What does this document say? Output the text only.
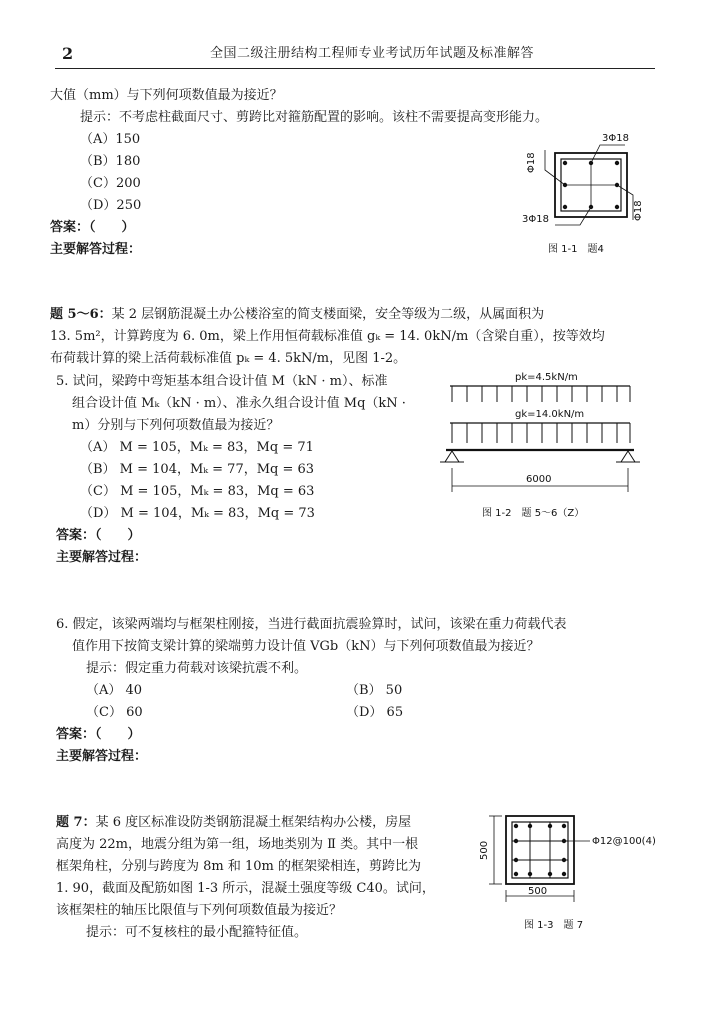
2	全国二级注册结构工程师专业考试历年试题及标准解答
大值（mm）与下列何项数值最为接近？
提示：不考虑柱截面尺寸、剪跨比对箍筋配置的影响。该柱不需要提高变形能力。
（A）150
（B）180
（C）200
（D）250
答案：（　　）
主要解答过程：
3Φ18
Φ18
Φ18
3Φ18
图 1-1　题4
题 5～6：某 2 层钢筋混凝土办公楼浴室的简支楼面梁，安全等级为二级，从属面积为
13. 5m²，计算跨度为 6. 0m，梁上作用恒荷载标准值 gₖ = 14. 0kN/m（含梁自重），按等效均
布荷载计算的梁上活荷载标准值 pₖ = 4. 5kN/m，见图 1-2。
5. 试问，梁跨中弯矩基本组合设计值 M（kN · m）、标准
组合设计值 Mₖ（kN · m）、准永久组合设计值 Mq（kN ·
m）分别与下列何项数值最为接近？
（A） M = 105，Mₖ = 83，Mq = 71
（B） M = 104，Mₖ = 77，Mq = 63
（C） M = 105，Mₖ = 83，Mq = 63
（D） M = 104，Mₖ = 83，Mq = 73
答案：（　　）
主要解答过程：
pk=4.5kN/m
gk=14.0kN/m
6000
图 1-2　题 5～6（Z）
6. 假定，该梁两端均与框架柱刚接，当进行截面抗震验算时，试问，该梁在重力荷载代表
值作用下按简支梁计算的梁端剪力设计值 VGb（kN）与下列何项数值最为接近？
提示：假定重力荷载对该梁抗震不利。
（A） 40	（B） 50
（C） 60	（D） 65
答案：（　　）
主要解答过程：
题 7：某 6 度区标准设防类钢筋混凝土框架结构办公楼，房屋
高度为 22m，地震分组为第一组，场地类别为 Ⅱ 类。其中一根
框架角柱，分别与跨度为 8m 和 10m 的框架梁相连，剪跨比为
1. 90，截面及配筋如图 1-3 所示，混凝土强度等级 C40。试问，
该框架柱的轴压比限值与下列何项数值最为接近？
提示：可不复核柱的最小配箍特征值。
500
500
Φ12@100(4)
图 1-3　题 7
